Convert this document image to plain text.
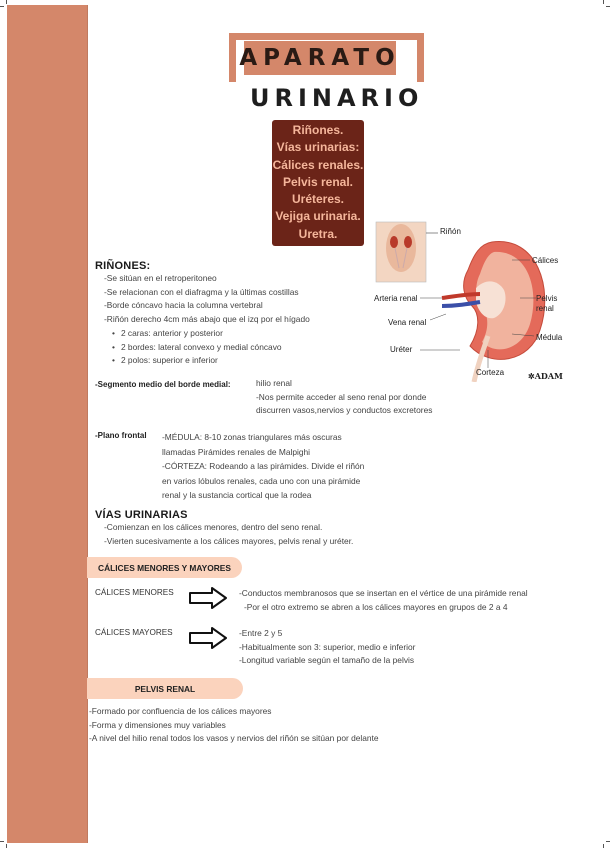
APARATO
URINARIO
Riñones.
Vías urinarias:
Cálices renales.
Pelvis renal.
Uréteres.
Vejiga urinaria.
Uretra.	Riñón
Cálices
Pelvis renal
Arteria renal
Vena renal
Médula
Uréter
Corteza	✲ADAM
RIÑONES:
-Se sitúan en el retroperitoneo
-Se relacionan con el diafragma y la últimas costillas
-Borde cóncavo hacia la columna vertebral
-Riñón derecho 4cm más abajo que el izq por el hígado
• 2 caras: anterior y posterior
• 2 bordes: lateral convexo y medial cóncavo
• 2 polos: superior e inferior
-Segmento medio del borde medial:	hilio renal
-Nos permite acceder al seno renal por donde
discurren vasos,nervios y conductos excretores
-Plano frontal -MÉDULA: 8-10 zonas triangulares más oscuras
llamadas Pirámides renales de Malpighi
-CÓRTEZA: Rodeando a las pirámides. Divide el riñón
en varios lóbulos renales, cada uno con una pirámide
renal y la sustancia cortical que la rodea
VÍAS URINARIAS
-Comienzan en los cálices menores, dentro del seno renal.
-Vierten sucesivamente a los cálices mayores, pelvis renal y uréter.
CÁLICES MENORES Y MAYORES
CÁLICES MENORES	-Conductos membranosos que se insertan en el vértice de una pirámide renal
-Por el otro extremo se abren a los cálices mayores en grupos de 2 a 4
CÁLICES MAYORES	-Entre 2 y 5
-Habitualmente son 3: superior, medio e inferior
-Longitud variable según el tamaño de la pelvis
PELVIS RENAL
-Formado por confluencia de los cálices mayores
-Forma y dimensiones muy variables
-A nivel del hilio renal todos los vasos y nervios del riñón se sitúan por delante
